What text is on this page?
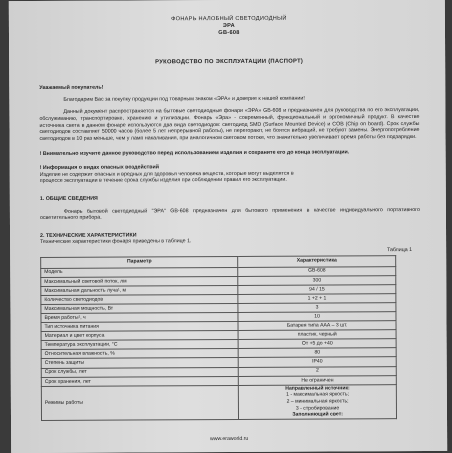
ФОНАРЬ НАЛОБНЫЙ СВЕТОДИОДНЫЙ
ЭРА
GB-608
РУКОВОДСТВО ПО ЭКСПЛУАТАЦИИ (ПАСПОРТ)
Уважаемый покупатель!

Благодарим Вас за покупку продукции под товарным знаком «ЭРА» и доверие к нашей компании!

Данный документ распространяется на бытовые светодиодные фонари «ЭРА» GB-608 и предназначен для руководства по его эксплуатации, обслуживанию, транспортировке, хранению и утилизации. Фонарь «Эра» - современный, функциональный и эргономичный продукт. В качестве источника света в данном фонаре используются два вида светодиодов: светодиод SMD (Surface Mounted Device) и COB (Chip on board). Срок службы светодиодов составляет 50000 часов (более 5 лет непрерывной работы), не перегорают, не боятся вибраций, не требуют замены. Энергопотребление светодиодов в 10 раз меньше, чем у ламп накаливания, при аналогичном световом потоке, что значительно увеличивает время работы без подзарядки.

! Внимательно изучите данное руководство перед использованием изделия и сохраните его до конца эксплуатации.

! Информация о видах опасных воздействий

Изделие не содержит опасных и вредных для здоровья человека веществ, которые могут выделятся в

процессе эксплуатации в течение срока службы изделия при соблюдении правил его эксплуатации.

1. ОБЩИЕ СВЕДЕНИЯ

Фонарь бытовой светодиодный "ЭРА" GB-608 предназначен для бытового применения в качестве индивидуального портативного осветительного прибора.

2. ТЕХНИЧЕСКИЕ ХАРАКТЕРИСТИКИ

Технические характеристики фонаря приведены в таблице 1.

Таблица 1
Параметр	Характеристика
Модель	GB-608
Максимальный световой поток, лм	300
Максимальная дальность луча¹, м	94 / 15
Количество светодиодов	1 +2 + 1
Максимальная мощность, Вт	3
Время работы¹, ч	10
Тип источника питания	Батарея типа ААА – 3 шт.
Материал и цвет корпуса	пластик, черный
Температура эксплуатации, °С	От +5 до +40
Относительная влажность, %	80
Степень защиты	IP40
Срок службы, лет	2
Срок хранения, лет	Не ограничен
Режимы работы	Направленный источник:
1 - максимальная яркость;
2 – минимальная яркость;
3 - стробирование
Заполняющий свет:
www.eraworld.ru
